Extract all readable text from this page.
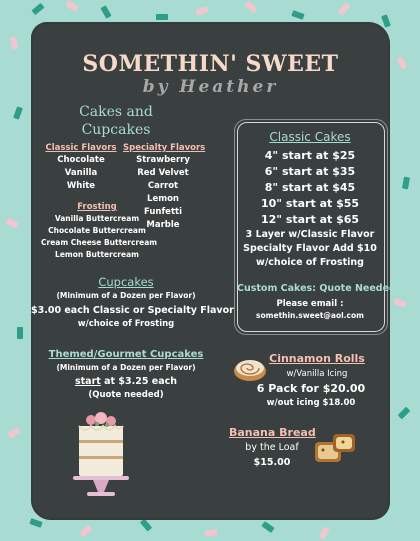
SOMETHIN' SWEET
by Heather
Cakes and
Cupcakes
Classic Flavors
Chocolate
Vanilla
White
Specialty Flavors
Strawberry
Red Velvet
Carrot
Lemon
Funfetti
Marble
Frosting
Vanilla Buttercream
Chocolate Buttercream
Cream Cheese Buttercream
Lemon Buttercream
Classic Cakes
4" start at $25
6" start at $35
8" start at $45
10" start at $55
12" start at $65
3 Layer w/Classic Flavor
Specialty Flavor Add $10
w/choice of Frosting
Custom Cakes: Quote Needed
Please email :
somethin.sweet@aol.com
Cupcakes
(Minimum of a Dozen per Flavor)
$3.00 each Classic or Specialty Flavor
w/choice of Frosting
Themed/Gourmet Cupcakes
(Minimum of a Dozen per Flavor)
start at $3.25 each
(Quote needed)
Cinnamon Rolls
w/Vanilla Icing
6 Pack for $20.00
w/out icing $18.00
Banana Bread
by the Loaf
$15.00
